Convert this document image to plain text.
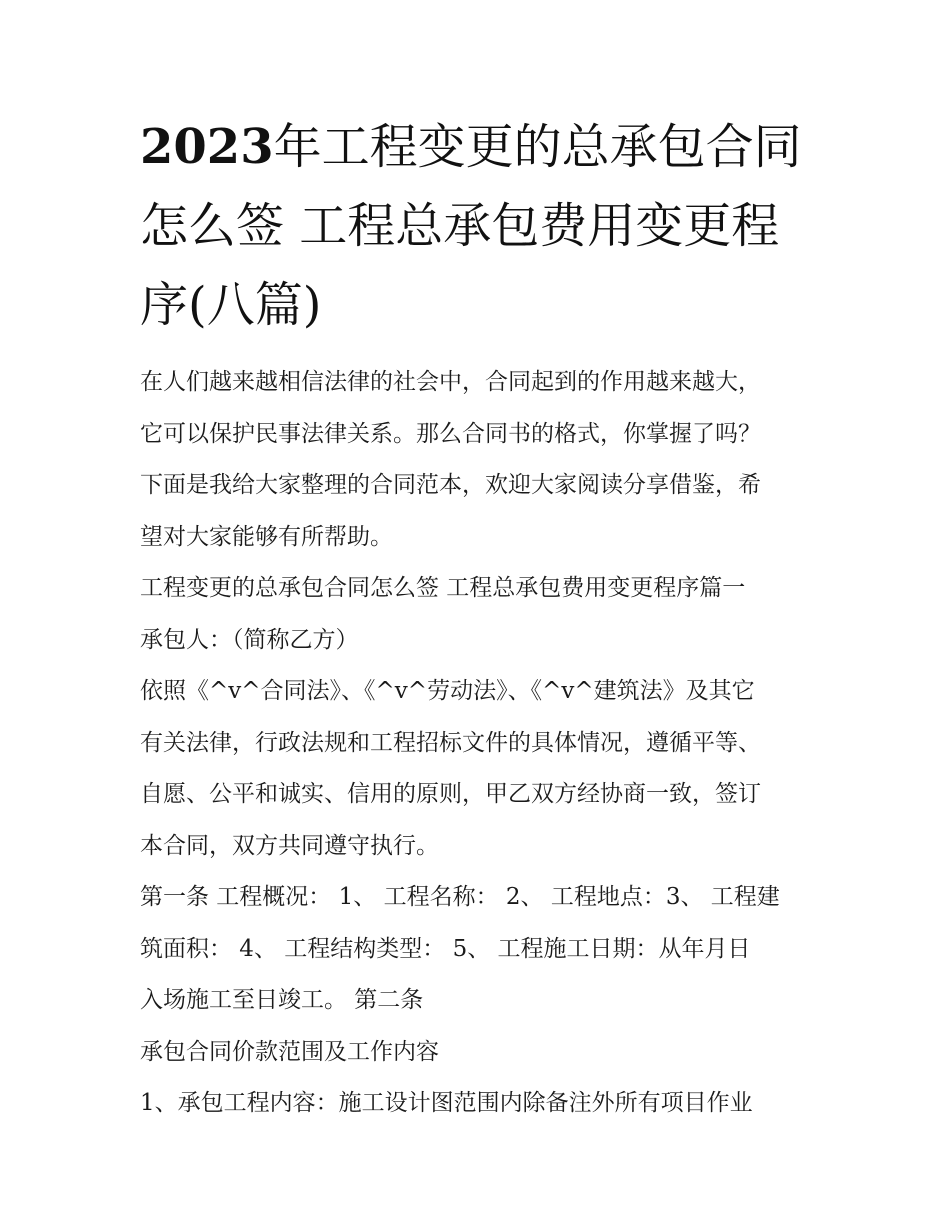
2023年工程变更的总承包合同
怎么签 工程总承包费用变更程
序(八篇)

在人们越来越相信法律的社会中，合同起到的作用越来越大，

它可以保护民事法律关系。那么合同书的格式，你掌握了吗？

下面是我给大家整理的合同范本，欢迎大家阅读分享借鉴，希

望对大家能够有所帮助。

工程变更的总承包合同怎么签 工程总承包费用变更程序篇一

承包人：（简称乙方）

依照《^v^合同法》、《^v^劳动法》、《^v^建筑法》及其它

有关法律，行政法规和工程招标文件的具体情况，遵循平等、

自愿、公平和诚实、信用的原则，甲乙双方经协商一致，签订

本合同，双方共同遵守执行。

第一条 工程概况： 1、 工程名称： 2、 工程地点：3、 工程建

筑面积： 4、 工程结构类型： 5、 工程施工日期：从年月日

入场施工至日竣工。 第二条

承包合同价款范围及工作内容

1、承包工程内容：施工设计图范围内除备注外所有项目作业
